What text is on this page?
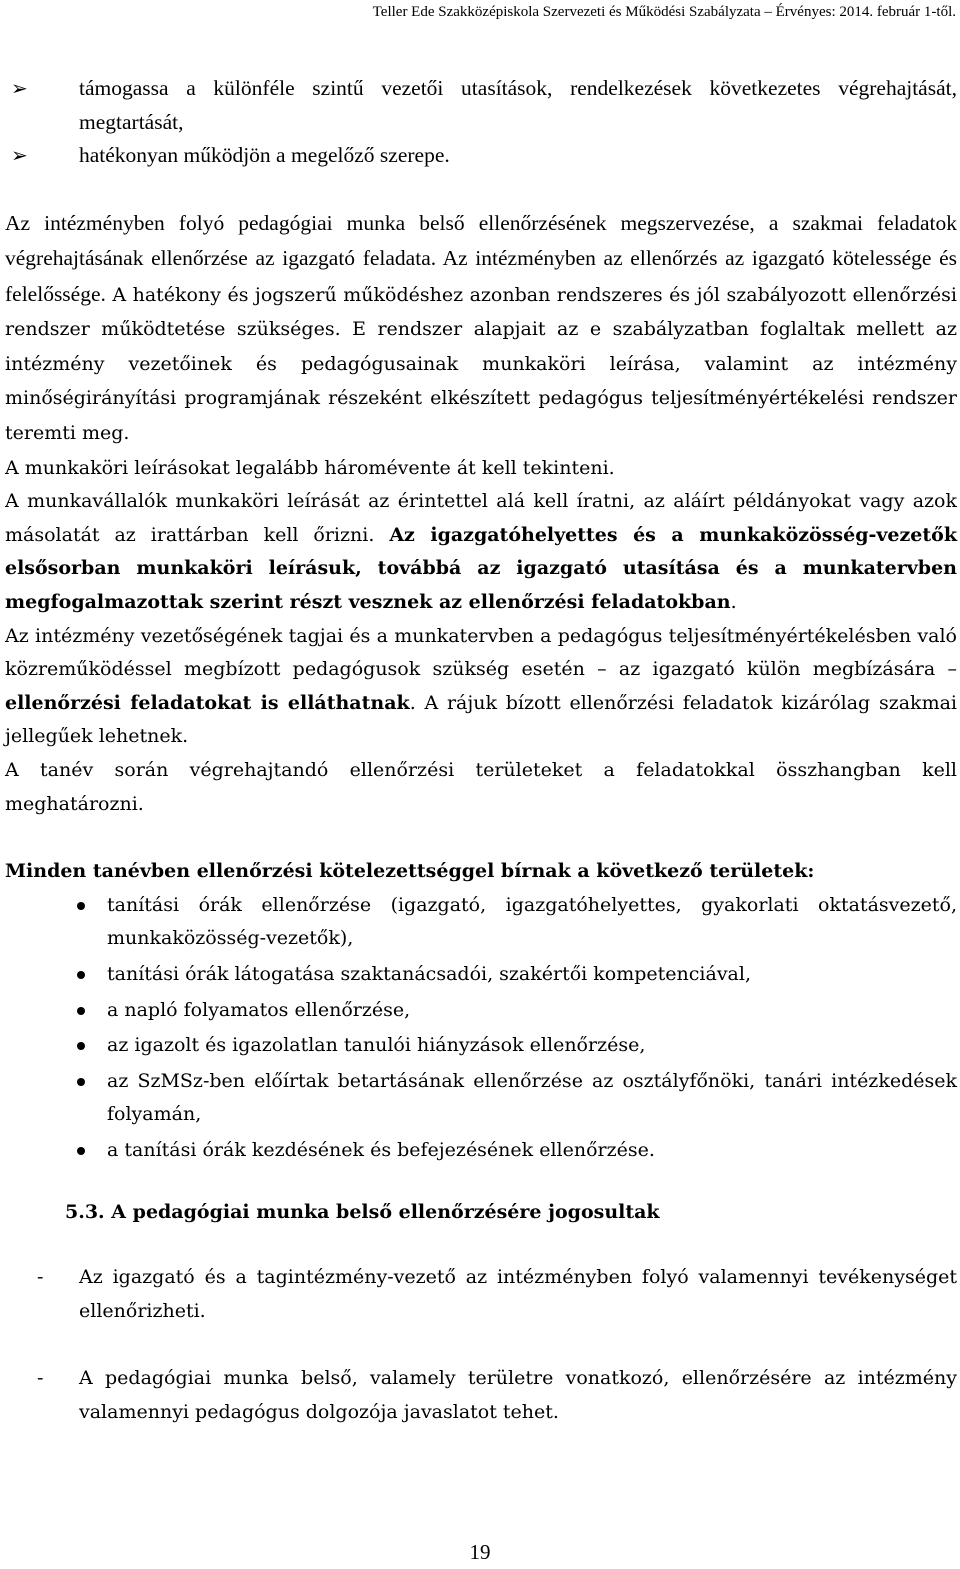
Teller Ede Szakközépiskola Szervezeti és Működési Szabályzata – Érvényes: 2014. február 1-től.
➢ támogassa a különféle szintű vezetői utasítások, rendelkezések következetes végrehajtását, megtartását,
➢ hatékonyan működjön a megelőző szerepe.

Az intézményben folyó pedagógiai munka belső ellenőrzésének megszervezése, a szakmai feladatok végrehajtásának ellenőrzése az igazgató feladata. Az intézményben az ellenőrzés az igazgató kötelessége és felelőssége. A hatékony és jogszerű működéshez azonban rendszeres és jól szabályozott ellenőrzési rendszer működtetése szükséges. E rendszer alapjait az e szabályzatban foglaltak mellett az intézmény vezetőinek és pedagógusainak munkaköri leírása, valamint az intézmény minőségirányítási programjának részeként elkészített pedagógus teljesítményértékelési rendszer teremti meg.

A munkaköri leírásokat legalább háromévente át kell tekinteni.

A munkavállalók munkaköri leírását az érintettel alá kell íratni, az aláírt példányokat vagy azok másolatát az irattárban kell őrizni. Az igazgatóhelyettes és a munkaközösség-vezetők elsősorban munkaköri leírásuk, továbbá az igazgató utasítása és a munkatervben megfogalmazottak szerint részt vesznek az ellenőrzési feladatokban.

Az intézmény vezetőségének tagjai és a munkatervben a pedagógus teljesítményértékelésben való közreműködéssel megbízott pedagógusok szükség esetén – az igazgató külön megbízására – ellenőrzési feladatokat is elláthatnak. A rájuk bízott ellenőrzési feladatok kizárólag szakmai jellegűek lehetnek.

A tanév során végrehajtandó ellenőrzési területeket a feladatokkal összhangban kell meghatározni.

Minden tanévben ellenőrzési kötelezettséggel bírnak a következő területek:

tanítási órák ellenőrzése (igazgató, igazgatóhelyettes, gyakorlati oktatásvezető, munkaközösség-vezetők),
tanítási órák látogatása szaktanácsadói, szakértői kompetenciával,
a napló folyamatos ellenőrzése,
az igazolt és igazolatlan tanulói hiányzások ellenőrzése,
az SzMSz-ben előírtak betartásának ellenőrzése az osztályfőnöki, tanári intézkedések folyamán,
a tanítási órák kezdésének és befejezésének ellenőrzése.

5.3. A pedagógiai munka belső ellenőrzésére jogosultak

- Az igazgató és a tagintézmény-vezető az intézményben folyó valamennyi tevékenységet ellenőrizheti.
- A pedagógiai munka belső, valamely területre vonatkozó, ellenőrzésére az intézmény valamennyi pedagógus dolgozója javaslatot tehet.
19
